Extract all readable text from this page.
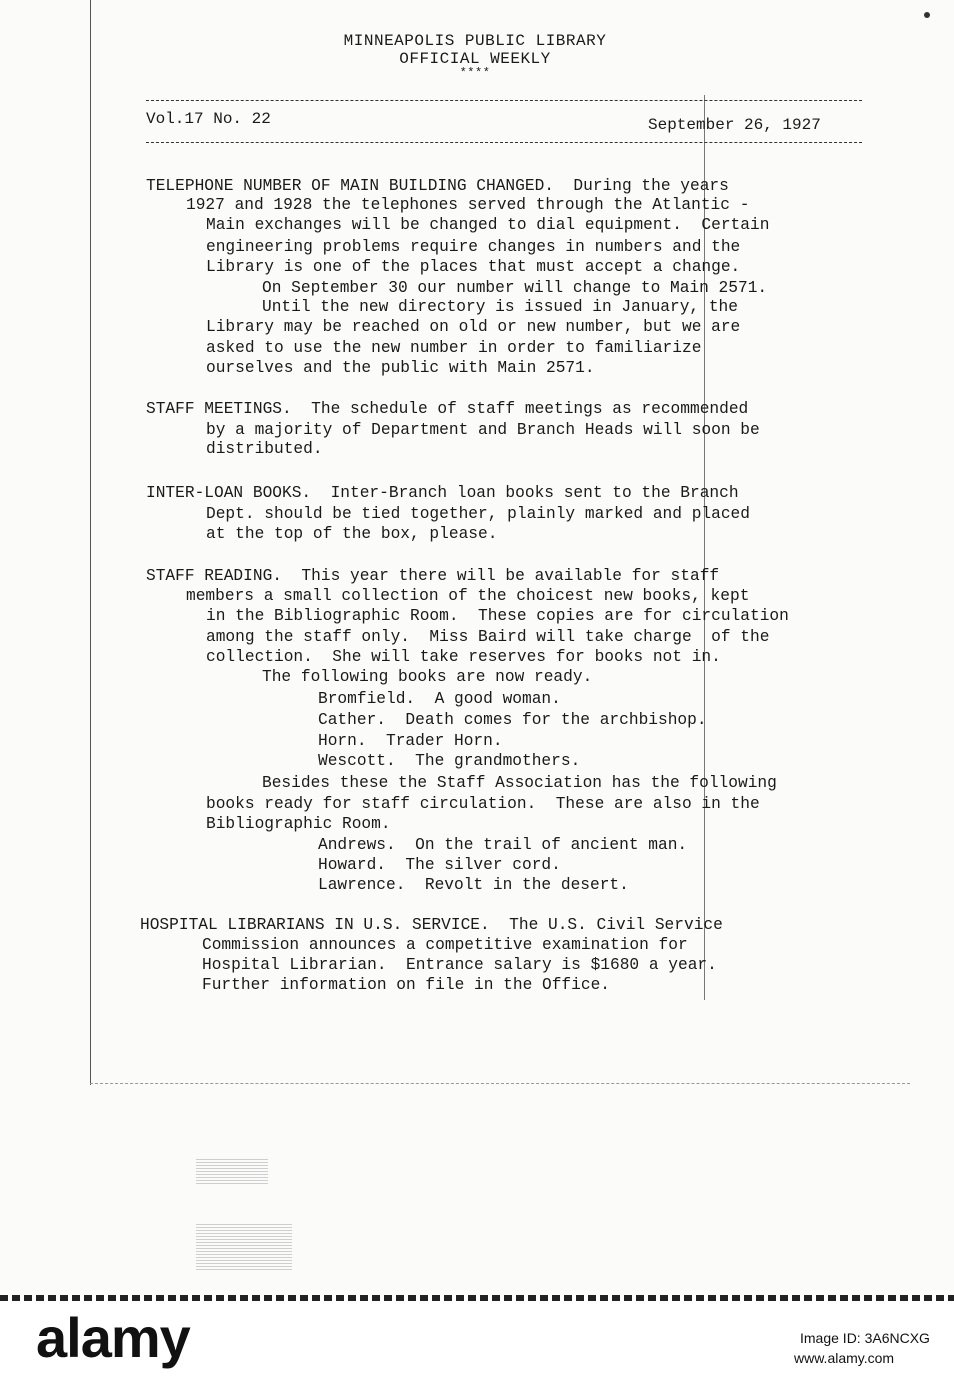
MINNEAPOLIS PUBLIC LIBRARY
OFFICIAL WEEKLY
****
Vol.17 No. 22	September 26, 1927
TELEPHONE NUMBER OF MAIN BUILDING CHANGED.  During the years
1927 and 1928 the telephones served through the Atlantic -
Main exchanges will be changed to dial equipment.  Certain
engineering problems require changes in numbers and the
Library is one of the places that must accept a change.
On September 30 our number will change to Main 2571.
Until the new directory is issued in January, the
Library may be reached on old or new number, but we are
asked to use the new number in order to familiarize
ourselves and the public with Main 2571.
STAFF MEETINGS.  The schedule of staff meetings as recommended
by a majority of Department and Branch Heads will soon be
distributed.
INTER-LOAN BOOKS.  Inter-Branch loan books sent to the Branch
Dept. should be tied together, plainly marked and placed
at the top of the box, please.
STAFF READING.  This year there will be available for staff
members a small collection of the choicest new books, kept
in the Bibliographic Room.  These copies are for circulation
among the staff only.  Miss Baird will take charge  of the
collection.  She will take reserves for books not in.
The following books are now ready.
Bromfield.  A good woman.
Cather.  Death comes for the archbishop.
Horn.  Trader Horn.
Wescott.  The grandmothers.
Besides these the Staff Association has the following
books ready for staff circulation.  These are also in the
Bibliographic Room.
Andrews.  On the trail of ancient man.
Howard.  The silver cord.
Lawrence.  Revolt in the desert.
HOSPITAL LIBRARIANS IN U.S. SERVICE.  The U.S. Civil Service
Commission announces a competitive examination for
Hospital Librarian.  Entrance salary is $1680 a year.
Further information on file in the Office.
alamy	Image ID: 3A6NCXG
www.alamy.com
